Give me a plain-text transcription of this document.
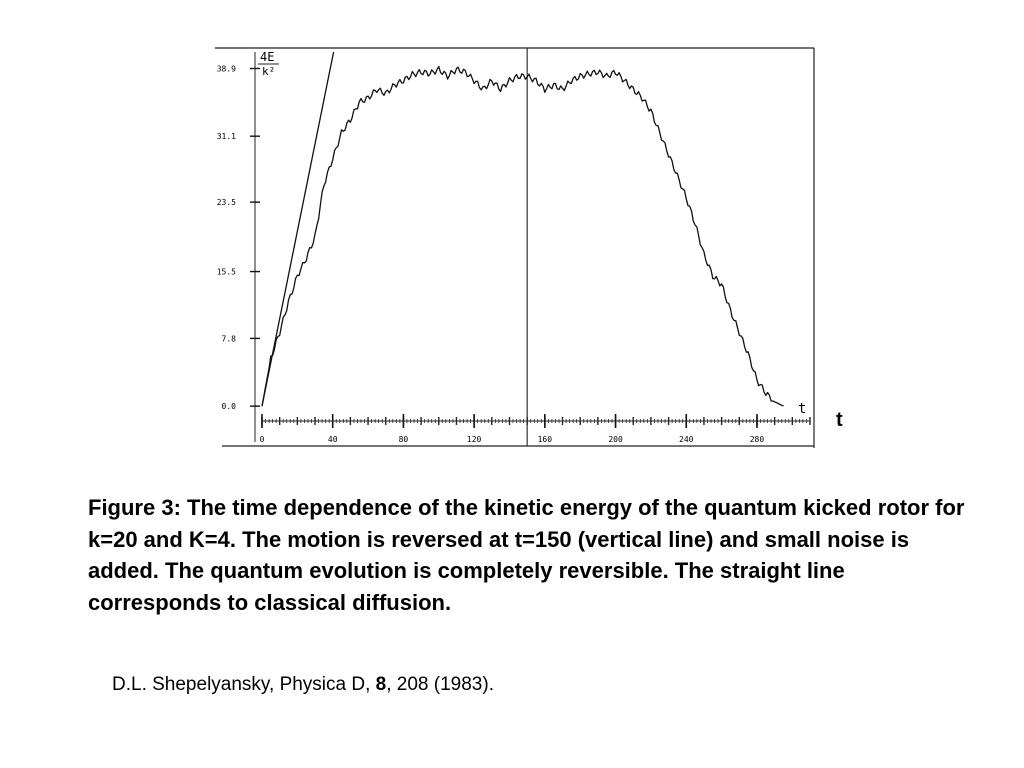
4E
k²
t
0	40	80	120	160	200	240	280
0.0
7.8
15.5
23.5
31.1
38.9
t
Figure 3: The time dependence of the kinetic energy of the quantum kicked rotor for k=20 and K=4. The motion is reversed at t=150 (vertical line) and small noise is added. The quantum evolution is completely reversible. The straight line corresponds to classical diffusion.
D.L. Shepelyansky, Physica D, 8, 208 (1983).
